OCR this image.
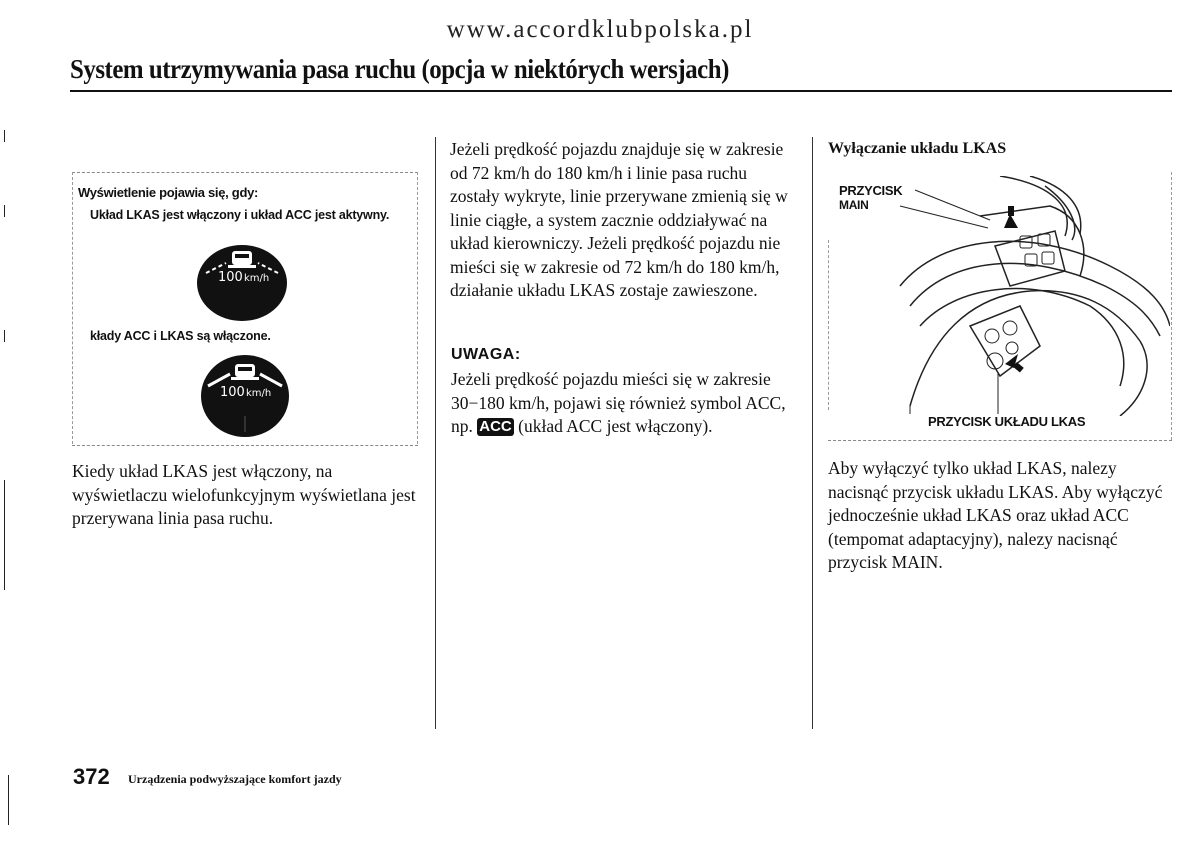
www.accordklubpolska.pl
System utrzymywania pasa ruchu (opcja w niektórych wersjach)
Wyświetlenie pojawia się, gdy:
Układ LKAS jest włączony i układ ACC jest aktywny.
100 km/h
kłady ACC i LKAS są włączone.
100 km/h
Kiedy układ LKAS jest włączony, na wyświetlaczu wielofunkcyjnym wyświetlana jest przerywana linia pasa ruchu.
Jeżeli prędkość pojazdu znajduje się w zakresie od 72 km/h do 180 km/h i linie pasa ruchu zostały wykryte, linie przerywane zmienią się w linie ciągłe, a system zacznie oddziaływać na układ kierowniczy. Jeżeli prędkość pojazdu nie mieści się w zakresie od 72 km/h do 180 km/h, działanie układu LKAS zostaje zawieszone.
UWAGA:
Jeżeli prędkość pojazdu mieści się w zakresie 30−180 km/h, pojawi się również symbol ACC, np. ACC (układ ACC jest włączony).
Wyłączanie układu LKAS
PRZYCISK
MAIN
PRZYCISK UKŁADU LKAS
Aby wyłączyć tylko układ LKAS, nalezy nacisnąć przycisk układu LKAS. Aby wyłączyć jednocześnie układ LKAS oraz układ ACC (tempomat adaptacyjny), nalezy nacisnąć przycisk MAIN.
372 Urządzenia podwyższające komfort jazdy
